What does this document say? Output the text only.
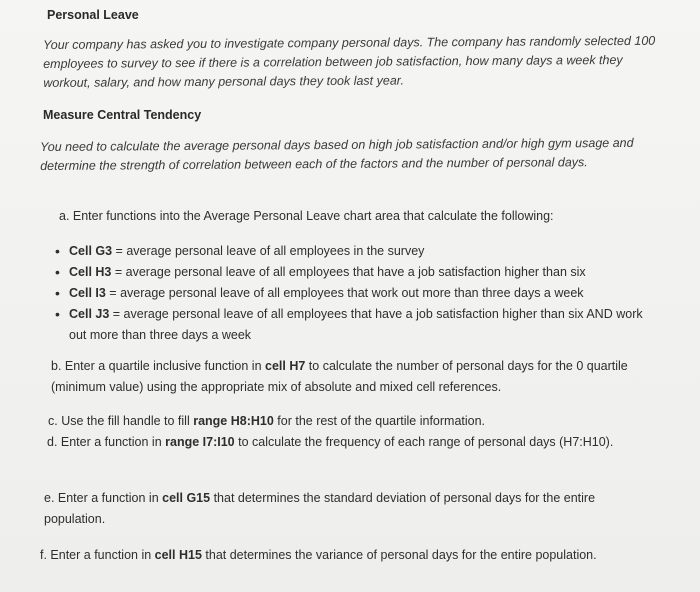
Personal Leave
Your company has asked you to investigate company personal days. The company has randomly selected 100 employees to survey to see if there is a correlation between job satisfaction, how many days a week they workout, salary, and how many personal days they took last year.
Measure Central Tendency
You need to calculate the average personal days based on high job satisfaction and/or high gym usage and determine the strength of correlation between each of the factors and the number of personal days.
a. Enter functions into the Average Personal Leave chart area that calculate the following:
• Cell G3 = average personal leave of all employees in the survey
• Cell H3 = average personal leave of all employees that have a job satisfaction higher than six
• Cell I3 = average personal leave of all employees that work out more than three days a week
• Cell J3 = average personal leave of all employees that have a job satisfaction higher than six AND work out more than three days a week
b. Enter a quartile inclusive function in cell H7 to calculate the number of personal days for the 0 quartile (minimum value) using the appropriate mix of absolute and mixed cell references.
c. Use the fill handle to fill range H8:H10 for the rest of the quartile information.
d. Enter a function in range I7:I10 to calculate the frequency of each range of personal days (H7:H10).
e. Enter a function in cell G15 that determines the standard deviation of personal days for the entire population.
f. Enter a function in cell H15 that determines the variance of personal days for the entire population.
